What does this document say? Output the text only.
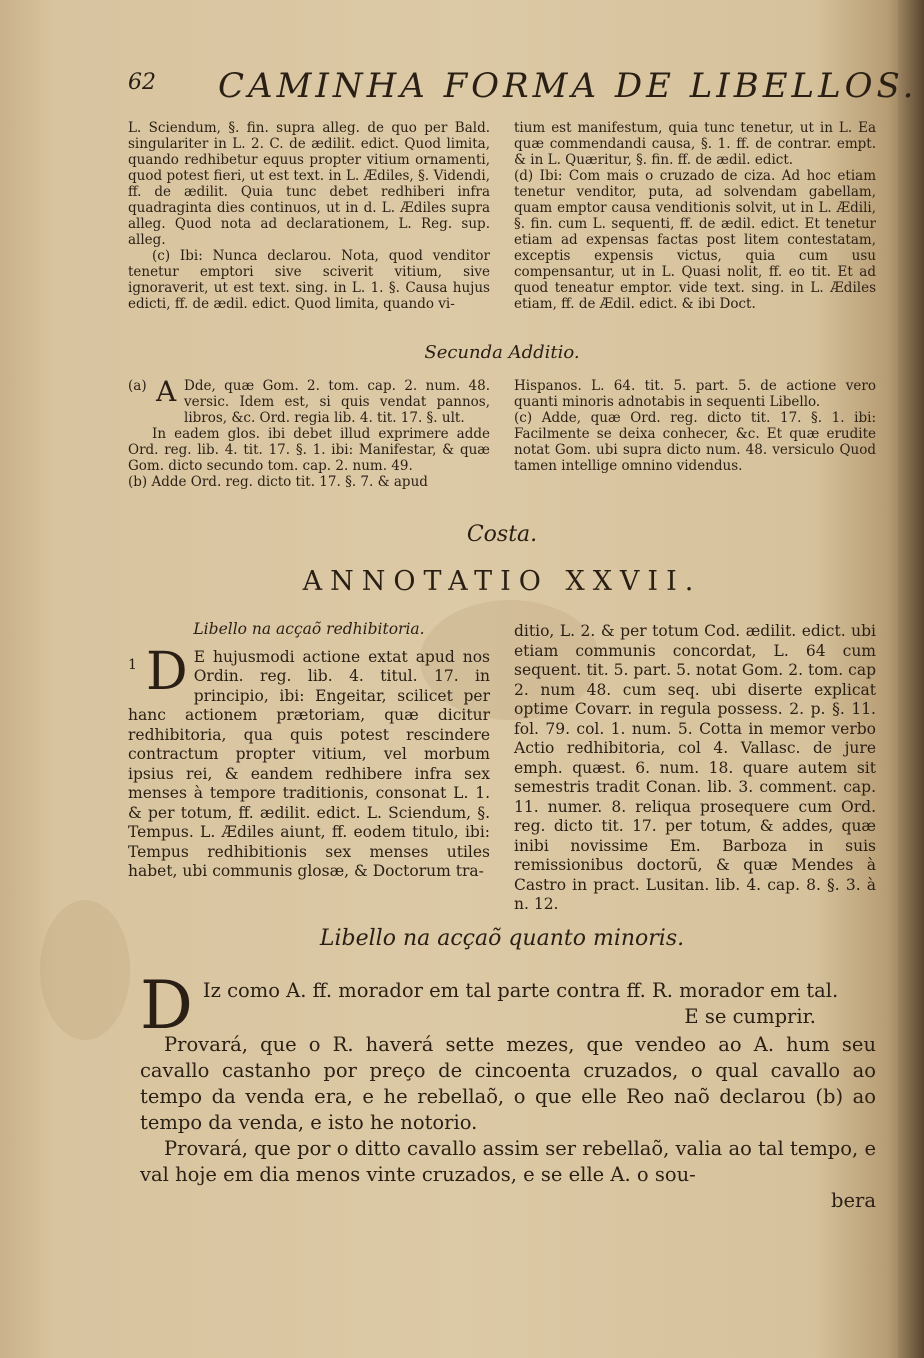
62 CAMINHA FORMA DE LIBELLOS.

L. Sciendum, §. fin. supra alleg. de quo per Bald. singulariter in L. 2. C. de ædilit. edict. Quod limita, quando redhibetur equus propter vitium ornamenti, quod potest fieri, ut est text. in L. Ædiles, §. Videndi, ff. de ædilit. Quia tunc debet redhiberi infra quadraginta dies continuos, ut in d. L. Ædiles supra alleg. Quod nota ad declarationem, L. Reg. sup. alleg.

(c) Ibi: Nunca declarou. Nota, quod venditor tenetur emptori sive sciverit vitium, sive ignoraverit, ut est text. sing. in L. 1. §. Causa hujus edicti, ff. de ædil. edict. Quod limita, quando vi-

tium est manifestum, quia tunc tenetur, ut in L. Ea quæ commendandi causa, §. 1. ff. de contrar. empt. & in L. Quæritur, §. fin. ff. de ædil. edict.

(d) Ibi: Com mais o cruzado de ciza. Ad hoc etiam tenetur venditor, puta, ad solvendam gabellam, quam emptor causa venditionis solvit, ut in L. Ædili, §. fin. cum L. sequenti, ff. de ædil. edict. Et tenetur etiam ad expensas factas post litem contestatam, exceptis expensis victus, quia cum usu compensantur, ut in L. Quasi nolit, ff. eo tit. Et ad quod teneatur emptor. vide text. sing. in L. Ædiles etiam, ff. de Ædil. edict. & ibi Doct.

Secunda Additio.

(a) A Dde, quæ Gom. 2. tom. cap. 2. num. 48. versic. Idem est, si quis vendat pannos, libros, &c. Ord. regia lib. 4. tit. 17. §. ult.

In eadem glos. ibi debet illud exprimere adde Ord. reg. lib. 4. tit. 17. §. 1. ibi: Manifestar, & quæ Gom. dicto secundo tom. cap. 2. num. 49.

(b) Adde Ord. reg. dicto tit. 17. §. 7. & apud

Hispanos. L. 64. tit. 5. part. 5. de actione vero quanti minoris adnotabis in sequenti Libello.

(c) Adde, quæ Ord. reg. dicto tit. 17. §. 1. ibi: Facilmente se deixa conhecer, &c. Et quæ erudite notat Gom. ubi supra dicto num. 48. versiculo Quod tamen intellige omnino videndus.

Costa.
ANNOTATIO XXVII.
Libello na acçaõ redhibitoria.

1 D E hujusmodi actione extat apud nos Ordin. reg. lib. 4. titul. 17. in principio, ibi: Engeitar, scilicet per hanc actionem prætoriam, quæ dicitur redhibitoria, qua quis potest rescindere contractum propter vitium, vel morbum ipsius rei, & eandem redhibere infra sex menses à tempore traditionis, consonat L. 1. & per totum, ff. ædilit. edict. L. Sciendum, §. Tempus. L. Ædiles aiunt, ff. eodem titulo, ibi: Tempus redhibitionis sex menses utiles habet, ubi communis glosæ, & Doctorum tra-

ditio, L. 2. & per totum Cod. ædilit. edict. ubi etiam communis concordat, L. 64 cum sequent. tit. 5. part. 5. notat Gom. 2. tom. cap 2. num 48. cum seq. ubi diserte explicat optime Covarr. in regula possess. 2. p. §. 11. fol. 79. col. 1. num. 5. Cotta in memor verbo Actio redhibitoria, col 4. Vallasc. de jure emph. quæst. 6. num. 18. quare autem sit semestris tradit Conan. lib. 3. comment. cap. 11. numer. 8. reliqua prosequere cum Ord. reg. dicto tit. 17. per totum, & addes, quæ inibi novissime Em. Barboza in suis remissionibus doctorũ, & quæ Mendes à Castro in pract. Lusitan. lib. 4. cap. 8. §. 3. à n. 12.

Libello na acçaõ quanto minoris.

D Iz como A. ff. morador em tal parte contra ff. R. morador em tal.
E se cumprir.

Provará, que o R. haverá sette mezes, que vendeo ao A. hum seu cavallo castanho por preço de cincoenta cruzados, o qual cavallo ao tempo da venda era, e he rebellaõ, o que elle Reo naõ declarou (b) ao tempo da venda, e isto he notorio.

Provará, que por o ditto cavallo assim ser rebellaõ, valia ao tal tempo, e val hoje em dia menos vinte cruzados, e se elle A. o sou-

bera
